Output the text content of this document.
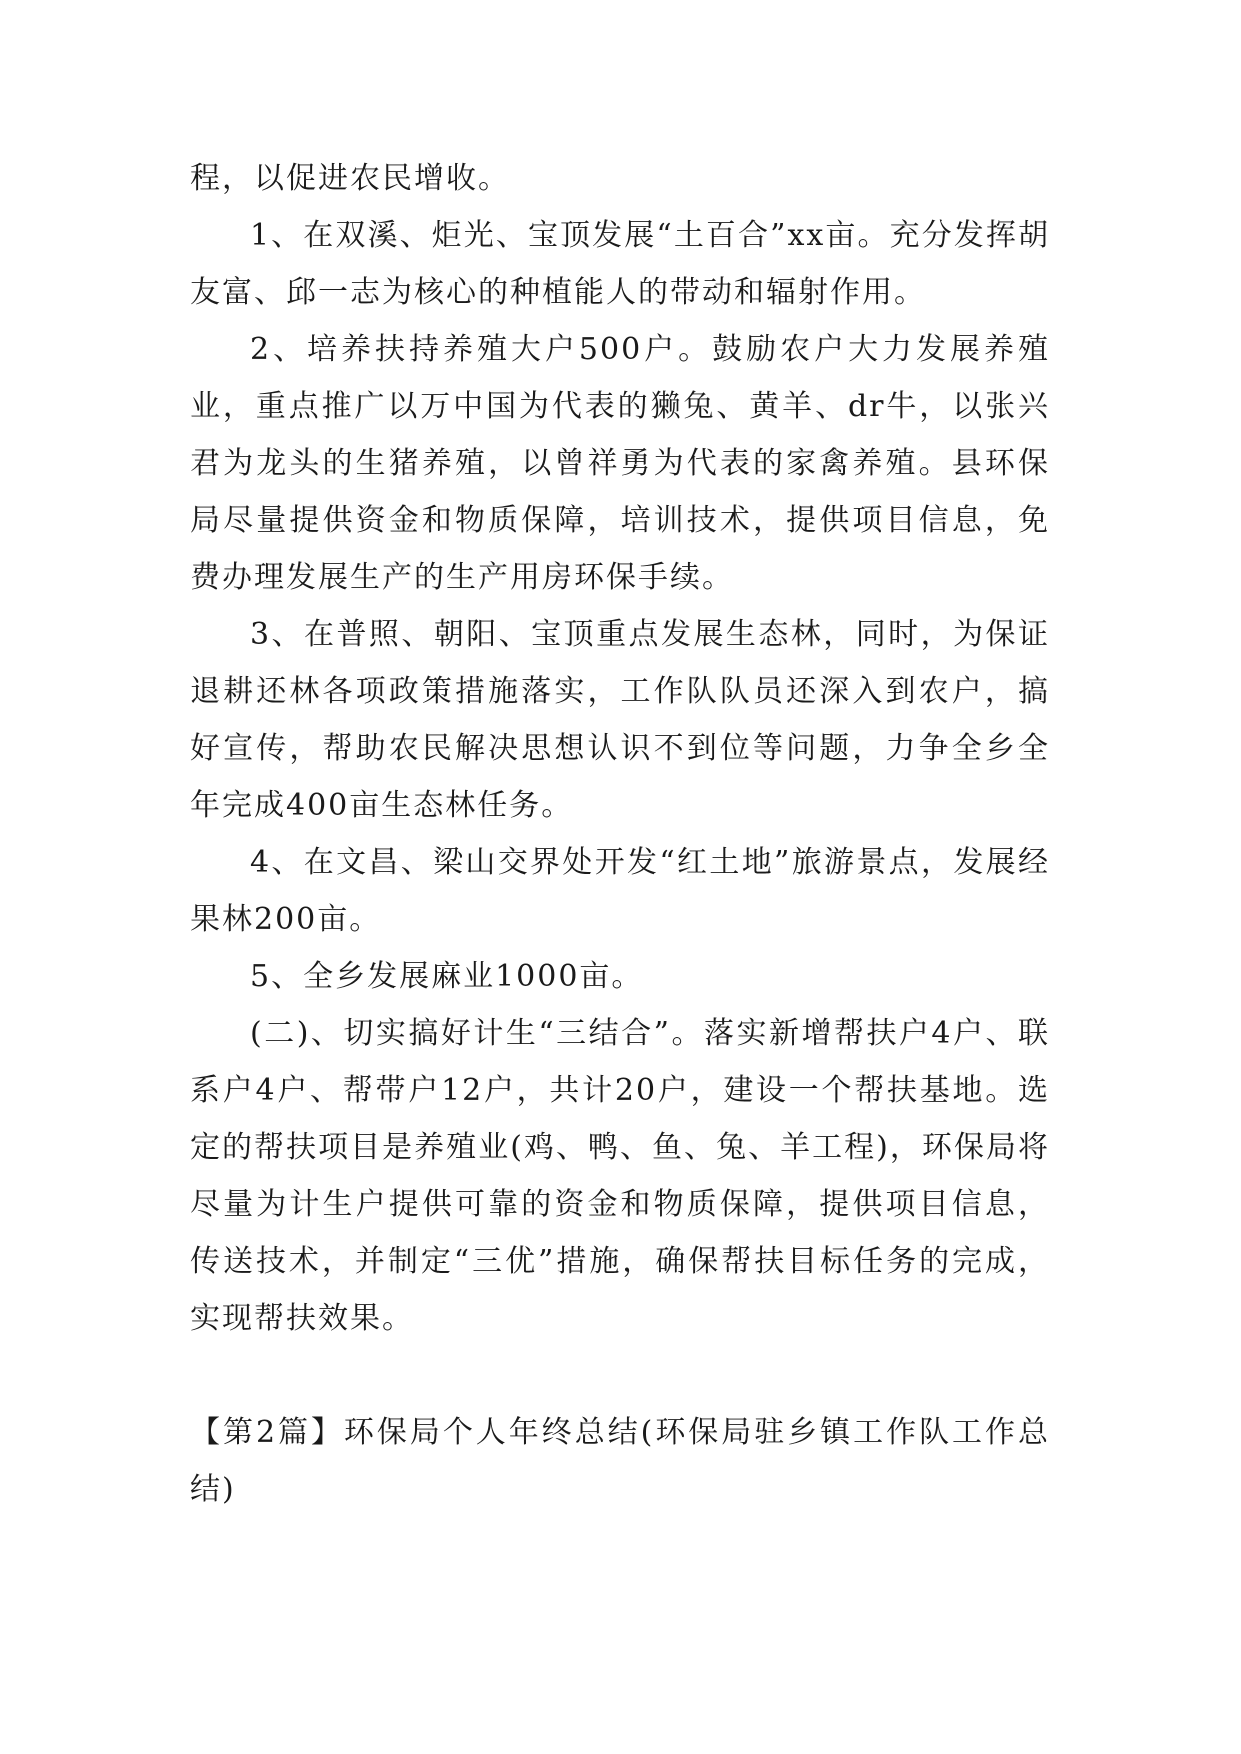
程，以促进农民增收。

1、在双溪、炬光、宝顶发展“土百合”xx亩。充分发挥胡友富、邱一志为核心的种植能人的带动和辐射作用。

2、培养扶持养殖大户500户。鼓励农户大力发展养殖业，重点推广以万中国为代表的獭兔、黄羊、dr牛，以张兴君为龙头的生猪养殖，以曾祥勇为代表的家禽养殖。县环保局尽量提供资金和物质保障，培训技术，提供项目信息，免费办理发展生产的生产用房环保手续。

3、在普照、朝阳、宝顶重点发展生态林，同时，为保证退耕还林各项政策措施落实，工作队队员还深入到农户，搞好宣传，帮助农民解决思想认识不到位等问题，力争全乡全年完成400亩生态林任务。

4、在文昌、梁山交界处开发“红土地”旅游景点，发展经果林200亩。

5、全乡发展麻业1000亩。

(二)、切实搞好计生“三结合”。落实新增帮扶户4户、联系户4户、帮带户12户，共计20户，建设一个帮扶基地。选定的帮扶项目是养殖业(鸡、鸭、鱼、兔、羊工程)，环保局将尽量为计生户提供可靠的资金和物质保障，提供项目信息，传送技术，并制定“三优”措施，确保帮扶目标任务的完成，实现帮扶效果。

【第2篇】环保局个人年终总结(环保局驻乡镇工作队工作总结)
